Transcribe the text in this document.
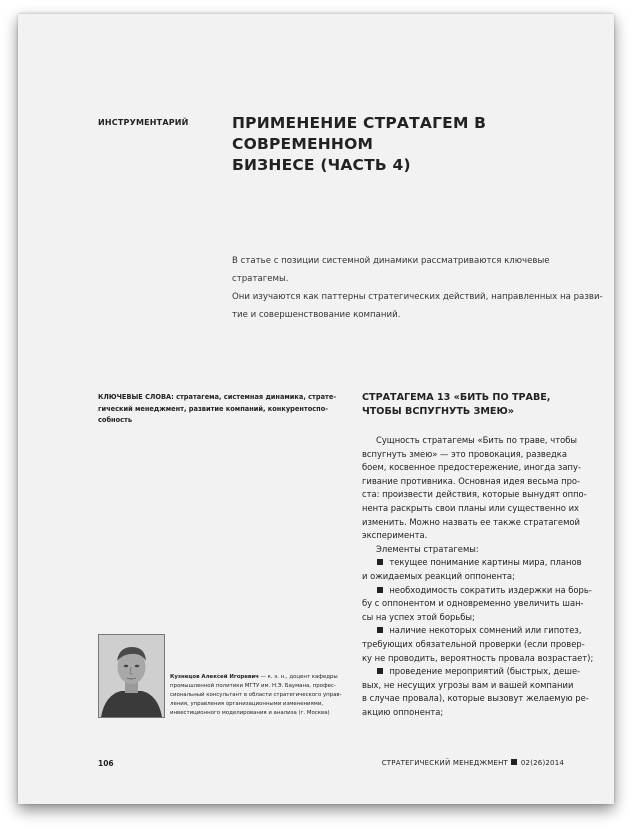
ИНСТРУМЕНТАРИЙ	ПРИМЕНЕНИЕ СТРАТАГЕМ В СОВРЕМЕННОМ
БИЗНЕСЕ (ЧАСТЬ 4)

В статье с позиции системной динамики рассматриваются ключевые стратагемы.

Они изучаются как паттерны стратегических действий, направленных на разви-

тие и совершенствование компаний.

КЛЮЧЕВЫЕ СЛОВА: стратагема, системная динамика, страте-

гический менеджмент, развитие компаний, конкурентоспо-

собность

СТРАТАГЕМА 13 «БИТЬ ПО ТРАВЕ,

ЧТОБЫ ВСПУГНУТЬ ЗМЕЮ»

Сущность стратагемы «Бить по траве, чтобы

вспугнуть змею» — это провокация, разведка

боем, косвенное предостережение, иногда запу-

гивание противника. Основная идея весьма про-

ста: произвести действия, которые вынудят оппо-

нента раскрыть свои планы или существенно их

изменить. Можно назвать ее также стратагемой

эксперимента.

Элементы стратагемы:

текущее понимание картины мира, планов

и ожидаемых реакций оппонента;

необходимость сократить издержки на борь-

бу с оппонентом и одновременно увеличить шан-

сы на успех этой борьбы;

наличие некоторых сомнений или гипотез,

требующих обязательной проверки (если провер-

ку не проводить, вероятность провала возрастает);

проведение мероприятий (быстрых, деше-

вых, не несущих угрозы вам и вашей компании

в случае провала), которые вызовут желаемую ре-

акцию оппонента;

Кузнецов Алексей Игоревич — к. э. н., доцент кафедры

промышленной политики МГТУ им. Н.Э. Баумана, профес-

сиональный консультант в области стратегического управ-

ления, управления организационными изменениями,

инвестиционного моделирования и анализа (г. Москва)

106	СТРАТЕГИЧЕСКИЙ МЕНЕДЖМЕНТ 02(26)2014
